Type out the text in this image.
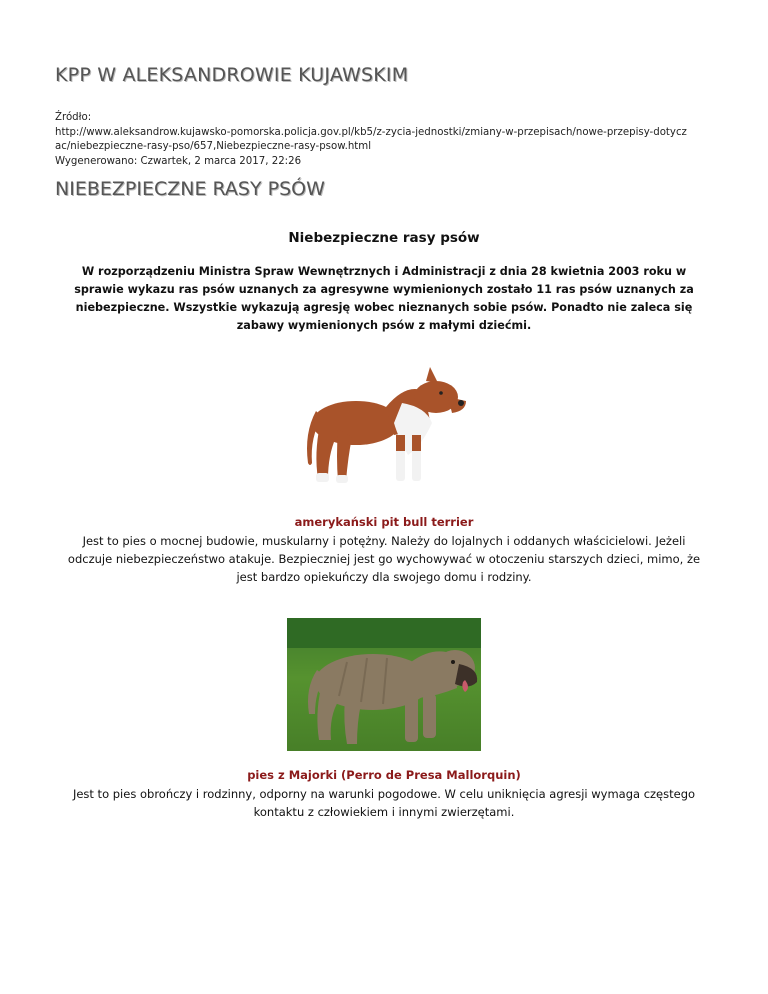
KPP W ALEKSANDROWIE KUJAWSKIM
Źródło:
http://www.aleksandrow.kujawsko-pomorska.policja.gov.pl/kb5/z-zycia-jednostki/zmiany-w-przepisach/nowe-przepisy-dotycz
ac/niebezpieczne-rasy-pso/657,Niebezpieczne-rasy-psow.html
Wygenerowano: Czwartek, 2 marca 2017, 22:26
NIEBEZPIECZNE RASY PSÓW
Niebezpieczne rasy psów
W rozporządzeniu Ministra Spraw Wewnętrznych i Administracji z dnia 28 kwietnia 2003 roku w
sprawie wykazu ras psów uznanych za agresywne wymienionych zostało 11 ras psów uznanych za
niebezpieczne. Wszystkie wykazują agresję wobec nieznanych sobie psów. Ponadto nie zaleca się
zabawy wymienionych psów z małymi dziećmi.
amerykański pit bull terrier
Jest to pies o mocnej budowie, muskularny i potężny. Należy do lojalnych i oddanych właścicielowi. Jeżeli
odczuje niebezpieczeństwo atakuje. Bezpieczniej jest go wychowywać w otoczeniu starszych dzieci, mimo, że
jest bardzo opiekuńczy dla swojego domu i rodziny.
pies z Majorki (Perro de Presa Mallorquin)
Jest to pies obrończy i rodzinny, odporny na warunki pogodowe. W celu uniknięcia agresji wymaga częstego
kontaktu z człowiekiem i innymi zwierzętami.
